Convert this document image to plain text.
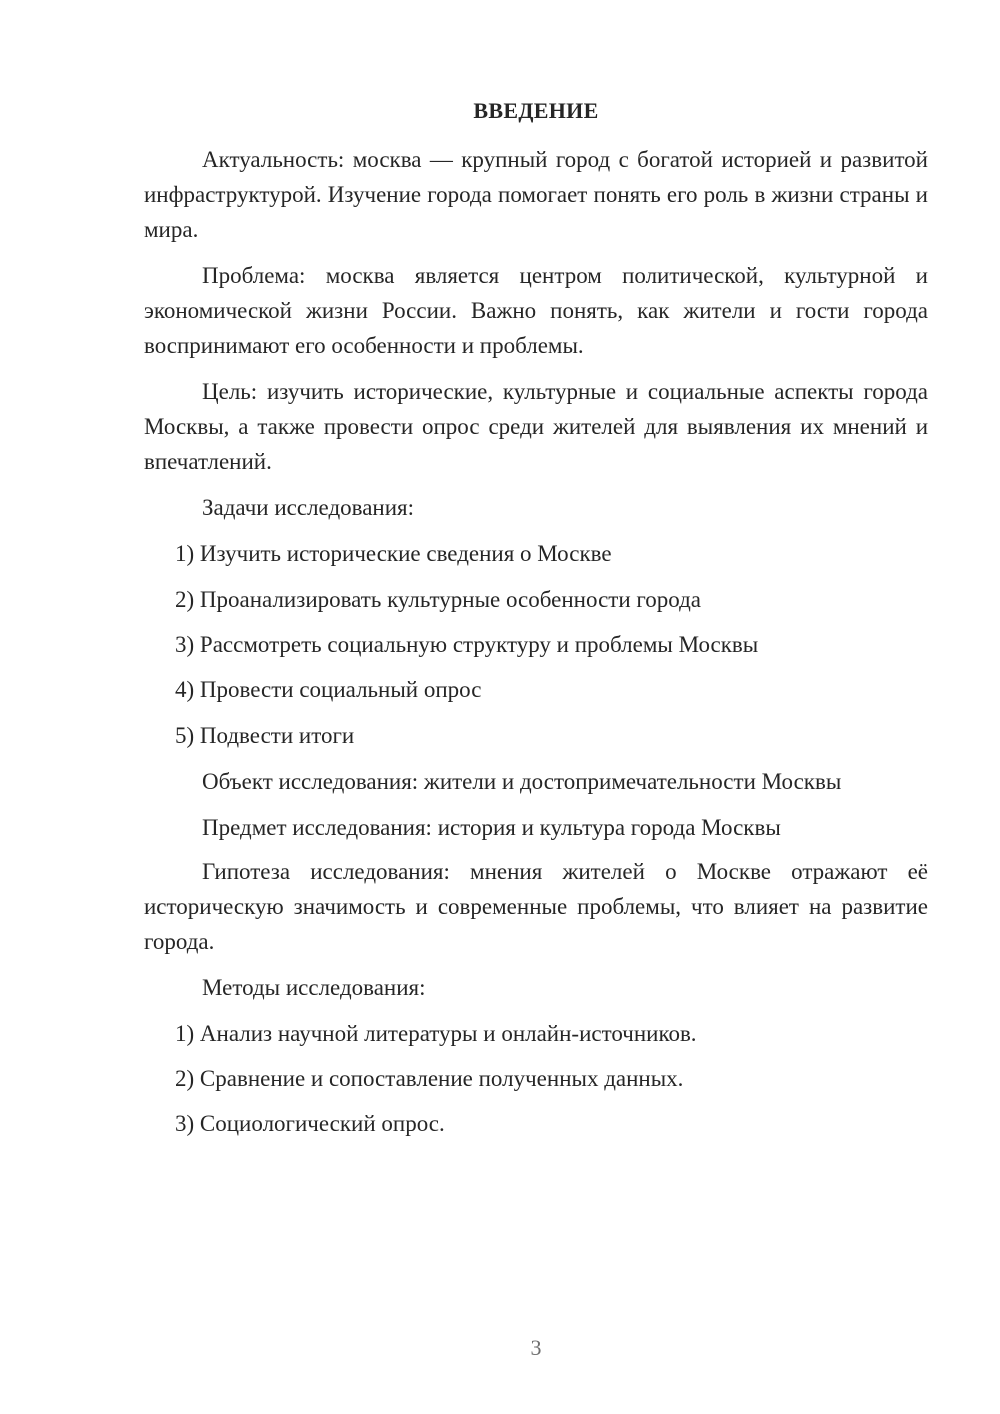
ВВЕДЕНИЕ

Актуальность: москва — крупный город с богатой историей и развитой инфраструктурой. Изучение города помогает понять его роль в жизни страны и мира.

Проблема: москва является центром политической, культурной и экономической жизни России. Важно понять, как жители и гости города воспринимают его особенности и проблемы.

Цель: изучить исторические, культурные и социальные аспекты города Москвы, а также провести опрос среди жителей для выявления их мнений и впечатлений.

Задачи исследования:

1) Изучить исторические сведения о Москве

2) Проанализировать культурные особенности города

3) Рассмотреть социальную структуру и проблемы Москвы

4) Провести социальный опрос

5) Подвести итоги

Объект исследования: жители и достопримечательности Москвы

Предмет исследования: история и культура города Москвы

Гипотеза исследования: мнения жителей о Москве отражают её историческую значимость и современные проблемы, что влияет на развитие города.

Методы исследования:

1) Анализ научной литературы и онлайн-источников.

2) Сравнение и сопоставление полученных данных.

3) Социологический опрос.

3
